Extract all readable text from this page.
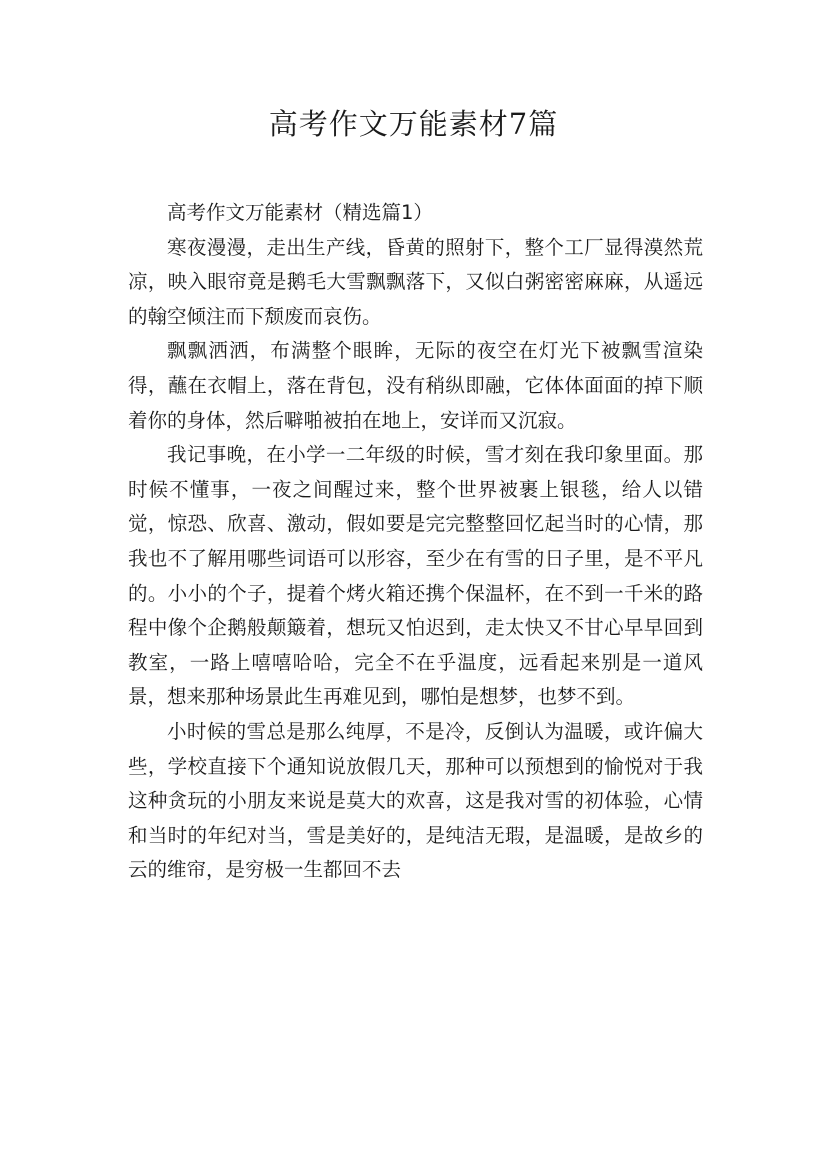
高考作文万能素材7篇

高考作文万能素材（精选篇1）

寒夜漫漫，走出生产线，昏黄的照射下，整个工厂显得漠然荒凉，映入眼帘竟是鹅毛大雪飘飘落下，又似白粥密密麻麻，从遥远的翰空倾注而下颓废而哀伤。

飘飘洒洒，布满整个眼眸，无际的夜空在灯光下被飘雪渲染得，蘸在衣帽上，落在背包，没有稍纵即融，它体体面面的掉下顺着你的身体，然后噼啪被拍在地上，安详而又沉寂。

我记事晚，在小学一二年级的时候，雪才刻在我印象里面。那时候不懂事，一夜之间醒过来，整个世界被裹上银毯，给人以错觉，惊恐、欣喜、激动，假如要是完完整整回忆起当时的心情，那我也不了解用哪些词语可以形容，至少在有雪的日子里，是不平凡的。小小的个子，提着个烤火箱还携个保温杯，在不到一千米的路程中像个企鹅般颠簸着，想玩又怕迟到，走太快又不甘心早早回到教室，一路上嘻嘻哈哈，完全不在乎温度，远看起来别是一道风景，想来那种场景此生再难见到，哪怕是想梦，也梦不到。

小时候的雪总是那么纯厚，不是冷，反倒认为温暖，或许偏大些，学校直接下个通知说放假几天，那种可以预想到的愉悦对于我这种贪玩的小朋友来说是莫大的欢喜，这是我对雪的初体验，心情和当时的年纪对当，雪是美好的，是纯洁无瑕，是温暖，是故乡的云的维帘，是穷极一生都回不去
